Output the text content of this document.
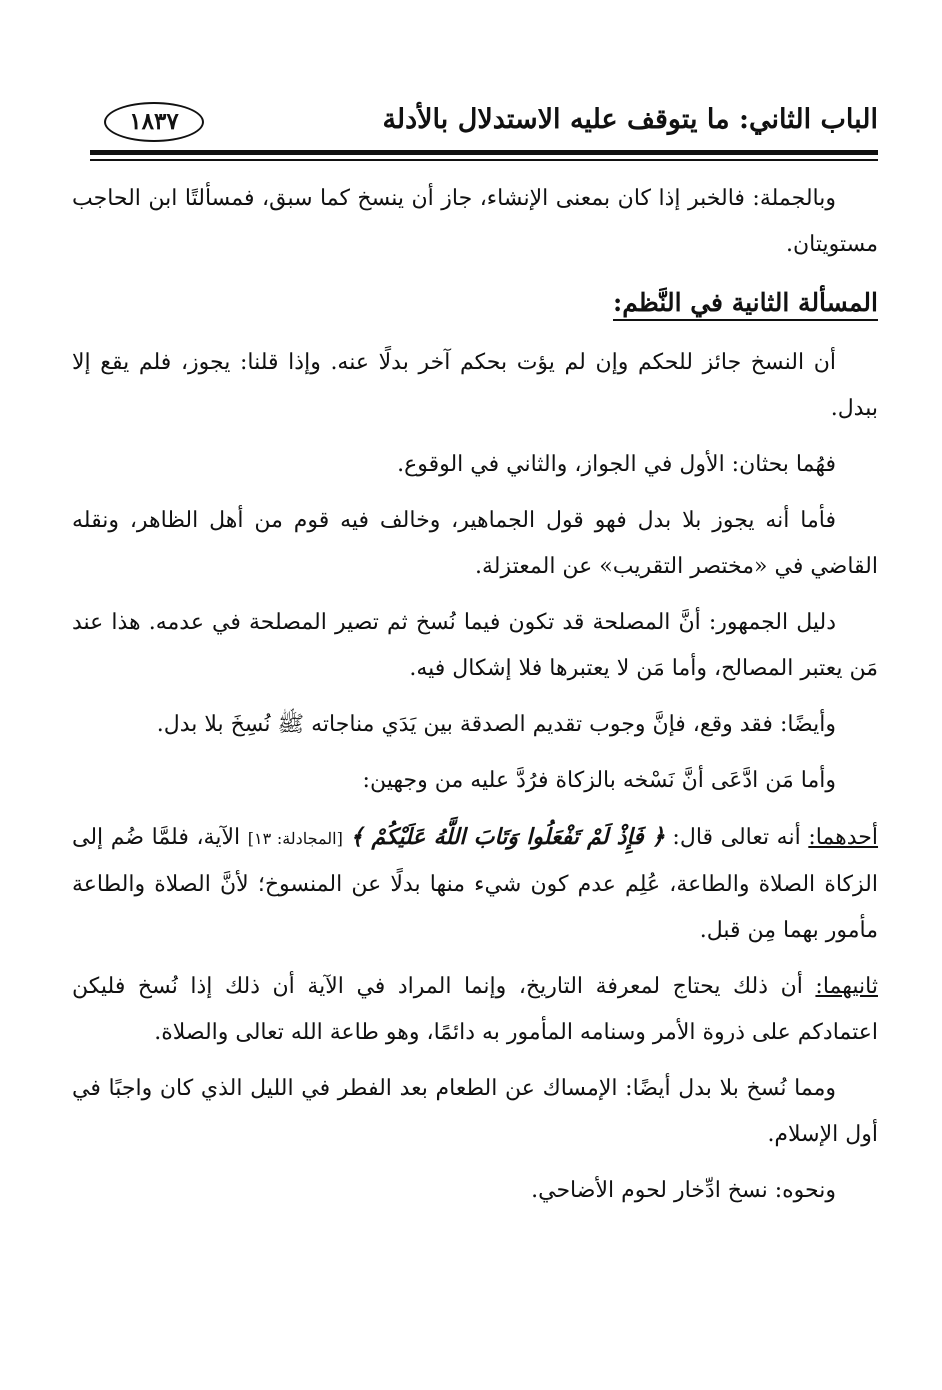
الباب الثاني: ما يتوقف عليه الاستدلال بالأدلة
١٨٣٧

وبالجملة: فالخبر إذا كان بمعنى الإنشاء، جاز أن ينسخ كما سبق، فمسألتًا ابن الحاجب مستويتان.

المسألة الثانية في النَّظم:

أن النسخ جائز للحكم وإن لم يؤت بحكم آخر بدلًا عنه. وإذا قلنا: يجوز، فلم يقع إلا ببدل.

فهُما بحثان: الأول في الجواز، والثاني في الوقوع.

فأما أنه يجوز بلا بدل فهو قول الجماهير، وخالف فيه قوم من أهل الظاهر، ونقله القاضي في «مختصر التقريب» عن المعتزلة.

دليل الجمهور: أنَّ المصلحة قد تكون فيما نُسخ ثم تصير المصلحة في عدمه. هذا عند مَن يعتبر المصالح، وأما مَن لا يعتبرها فلا إشكال فيه.

وأيضًا: فقد وقع، فإنَّ وجوب تقديم الصدقة بين يَدَي مناجاته ﷺ نُسِخَ بلا بدل.

وأما مَن ادَّعَى أنَّ نَسْخه بالزكاة فرُدَّ عليه من وجهين:

أحدهما: أنه تعالى قال: ﴿ فَإِذْ لَمْ تَفْعَلُوا وَتَابَ اللَّهُ عَلَيْكُمْ ﴾ [المجادلة: ١٣] الآية، فلمَّا ضُم إلى الزكاة الصلاة والطاعة، عُلِم عدم كون شيء منها بدلًا عن المنسوخ؛ لأنَّ الصلاة والطاعة مأمور بهما مِن قبل.

ثانيهما: أن ذلك يحتاج لمعرفة التاريخ، وإنما المراد في الآية أن ذلك إذا نُسخ فليكن اعتمادكم على ذروة الأمر وسنامه المأمور به دائمًا، وهو طاعة الله تعالى والصلاة.

ومما نُسخ بلا بدل أيضًا: الإمساك عن الطعام بعد الفطر في الليل الذي كان واجبًا في أول الإسلام.

ونحوه: نسخ ادِّخار لحوم الأضاحي.
